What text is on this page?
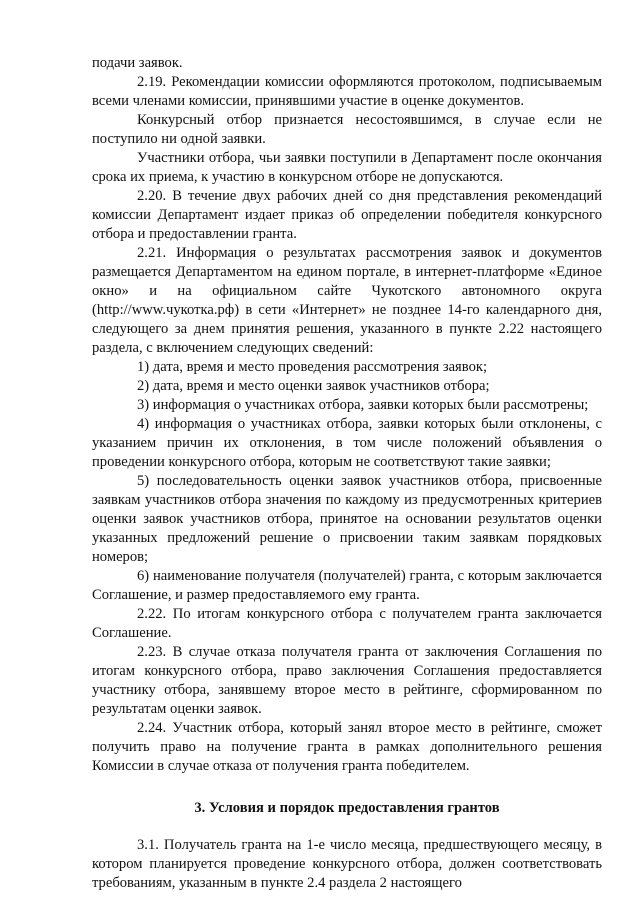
подачи заявок.

2.19. Рекомендации комиссии оформляются протоколом, подписываемым всеми членами комиссии, принявшими участие в оценке документов.

Конкурсный отбор признается несостоявшимся, в случае если не поступило ни одной заявки.

Участники отбора, чьи заявки поступили в Департамент после окончания срока их приема, к участию в конкурсном отборе не допускаются.

2.20. В течение двух рабочих дней со дня представления рекомендаций комиссии Департамент издает приказ об определении победителя конкурсного отбора и предоставлении гранта.

2.21. Информация о результатах рассмотрения заявок и документов размещается Департаментом на едином портале, в интернет-платформе «Единое окно» и на официальном сайте Чукотского автономного округа (http://www.чукотка.рф) в сети «Интернет» не позднее 14-го календарного дня, следующего за днем принятия решения, указанного в пункте 2.22 настоящего раздела, с включением следующих сведений:

1) дата, время и место проведения рассмотрения заявок;

2) дата, время и место оценки заявок участников отбора;

3) информация о участниках отбора, заявки которых были рассмотрены;

4) информация о участниках отбора, заявки которых были отклонены, с указанием причин их отклонения, в том числе положений объявления о проведении конкурсного отбора, которым не соответствуют такие заявки;

5) последовательность оценки заявок участников отбора, присвоенные заявкам участников отбора значения по каждому из предусмотренных критериев оценки заявок участников отбора, принятое на основании результатов оценки указанных предложений решение о присвоении таким заявкам порядковых номеров;

6) наименование получателя (получателей) гранта, с которым заключается Соглашение, и размер предоставляемого ему гранта.

2.22. По итогам конкурсного отбора с получателем гранта заключается Соглашение.

2.23. В случае отказа получателя гранта от заключения Соглашения по итогам конкурсного отбора, право заключения Соглашения предоставляется участнику отбора, занявшему второе место в рейтинге, сформированном по результатам оценки заявок.

2.24. Участник отбора, который занял второе место в рейтинге, сможет получить право на получение гранта в рамках дополнительного решения Комиссии в случае отказа от получения гранта победителем.

3. Условия и порядок предоставления грантов

3.1. Получатель гранта на 1-е число месяца, предшествующего месяцу, в котором планируется проведение конкурсного отбора, должен соответствовать требованиям, указанным в пункте 2.4 раздела 2 настоящего
